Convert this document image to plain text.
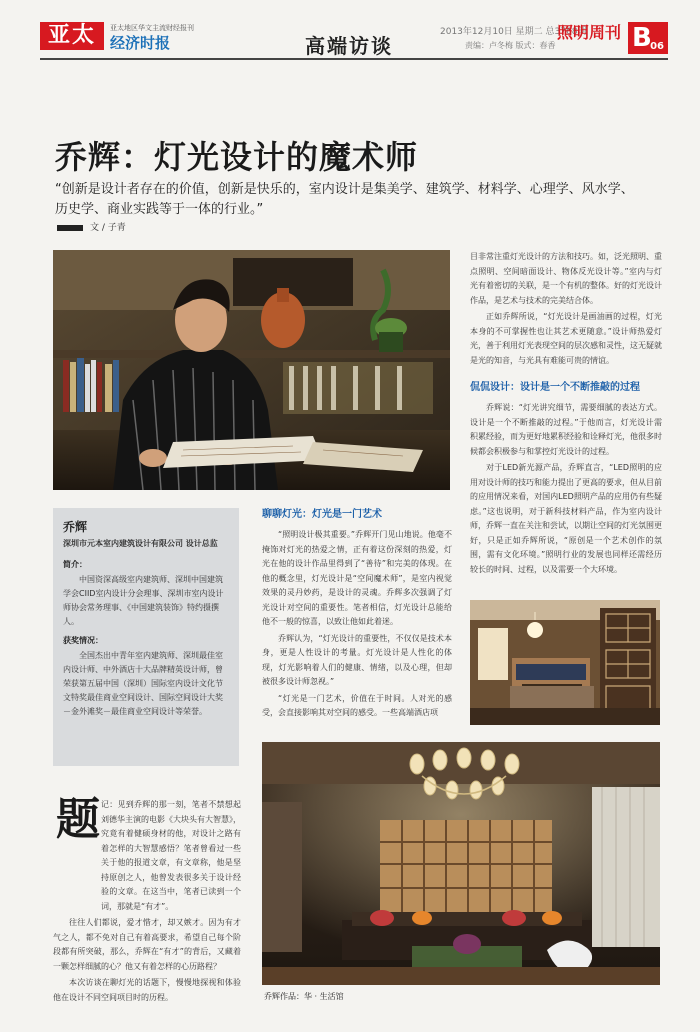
亚太	亚太地区华文主流财经报刊
经济时报	高端访谈
2013年12月10日 星期二 总3768期
责编：卢冬梅 版式：春香
照明周刊 B
06
乔辉：灯光设计的魔术师
“创新是设计者存在的价值，创新是快乐的，室内设计是集美学、建筑学、材料学、心理学、风水学、历史学、商业实践等于一体的行业。”
文 / 子青
乔辉
深圳市元本室内建筑设计有限公司 设计总监
简介：

中国资深高级室内建筑师、深圳中国建筑学会CIID室内设计分会理事、深圳市室内设计师协会常务理事、《中国建筑装饰》特约摄撰人。

获奖情况：

全国杰出中青年室内建筑师、深圳最佳室内设计师、中外酒店十大品牌精英设计师，曾荣获第五届中国（深圳）国际室内设计文化节文特奖最佳商业空间设计、国际空间设计大奖－金外滩奖－最佳商业空间设计等荣誉。

题 记：见到乔辉的那一刻，笔者不禁想起刘德华主演的电影《大块头有大智慧》，究竟有着健硕身材的他，对设计之路有着怎样的大智慧感悟？笔者曾看过一些关于他的报道文章，有文章称，他是坚持原创之人，他曾发表很多关于设计经验的文章。在这当中，笔者已读到一个词，那就是“有才”。

往往人们都说，爱才惜才，却又嫉才。因为有才气之人，都不免对自己有着高要求，希望自己每个阶段都有所突破，那么，乔辉在“有才”的背后，又藏着一颗怎样细腻的心？他又有着怎样的心历路程？

本次访谈在聊灯光的话题下，慢慢地探视和体验他在设计不同空间项目时的历程。

聊聊灯光：灯光是一门艺术

“照明设计极其重要。”乔辉开门见山地说。他毫不掩饰对灯光的热爱之情，正有着这份深刻的热爱，灯光在他的设计作品里得到了“善待”和完美的体现。在他的概念里，灯光设计是“空间魔术师”，是室内视觉效果的灵丹妙药，是设计的灵魂。乔辉多次强调了灯光设计对空间的重要性。笔者相信，灯光设计总能给他不一般的惊喜，以致让他如此着迷。

乔辉认为，“灯光设计的重要性，不仅仅是技术本身，更是人性设计的考量。灯光设计是人性化的体现，灯光影响着人们的健康、情绪，以及心理，但却被很多设计师忽视。”

“灯光是一门艺术，价值在于时间。人对光的感受，会直接影响其对空间的感受。一些高端酒店项

目非常注重灯光设计的方法和技巧。如，泛光照明、重点照明、空间暗面设计、物体反光设计等。”室内与灯光有着密切的关联，是一个有机的整体。好的灯光设计作品，是艺术与技术的完美结合体。

正如乔辉所说，“灯光设计是画油画的过程，灯光本身的不可掌握性也让其艺术更随意。”设计师热爱灯光，善于利用灯光表现空间的层次感和灵性，这无疑就是光的知音，与光具有难能可贵的情谊。

侃侃设计：设计是一个不断推敲的过程

乔辉说：“灯光讲究细节，需要细腻的表达方式。设计是一个不断推敲的过程。”于他而言，灯光设计需积累经验，而为更好地累积经验和诠释灯光，他很多时候都会积极参与和掌控灯光设计的过程。

对于LED新光源产品，乔辉直言，“LED照明的应用对设计师的技巧和能力提出了更高的要求，但从目前的应用情况来看，对国内LED照明产品的应用仍有些疑虑。”这也说明，对于新科技材料产品，作为室内设计师，乔辉一直在关注和尝试，以期让空间的灯光氛围更好，只是正如乔辉所说，“原创是一个艺术创作的氛围，需有文化环境。”照明行业的发展也同样还需经历较长的时间、过程，以及需要一个大环境。

乔辉作品：华 · 生活馆
